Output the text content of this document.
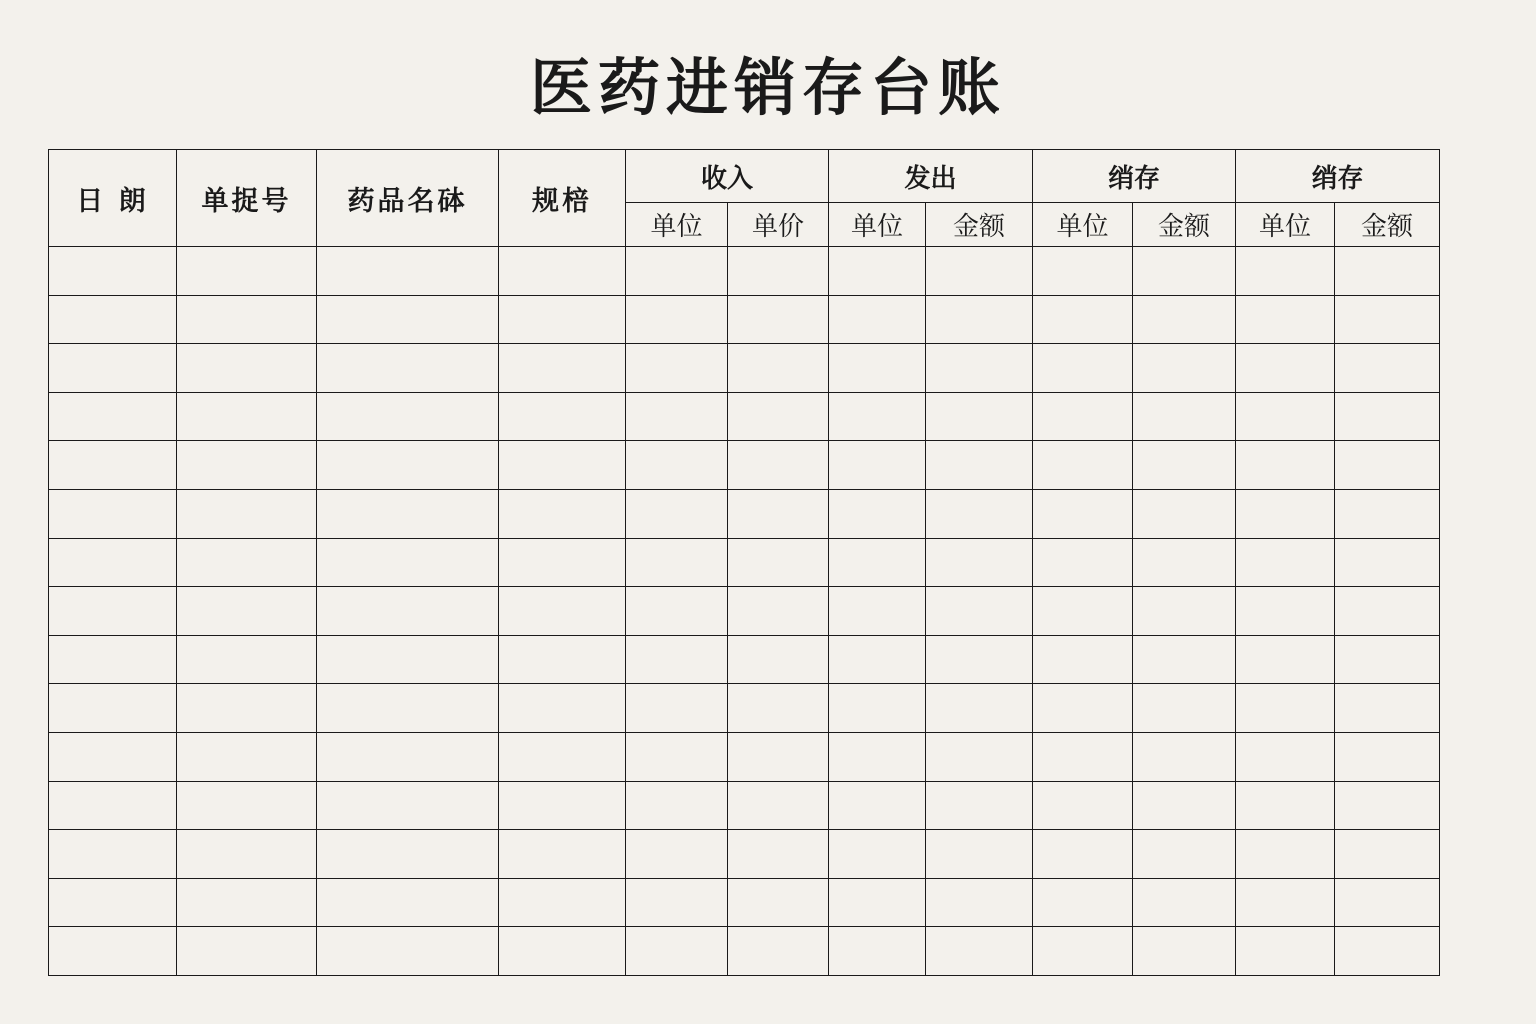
医药进销存台账
日 朗	单捉号	药品名砵	规棓	收入		发出		绡存		绡存	
				单位	单价	单位	金额	单位	金额	单位	金额
